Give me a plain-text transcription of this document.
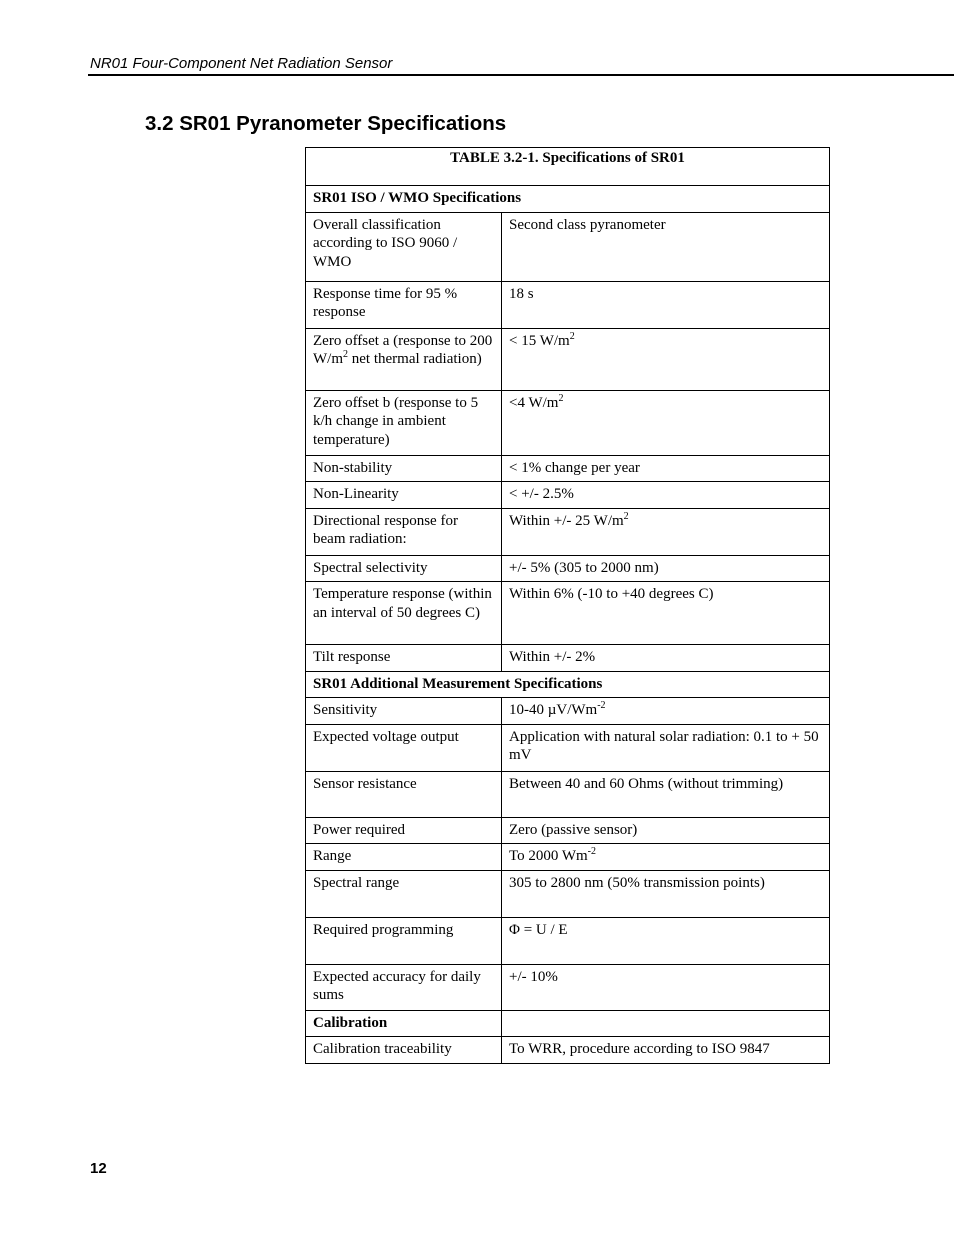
NR01 Four-Component Net Radiation Sensor
3.2 SR01 Pyranometer Specifications
TABLE 3.2-1. Specifications of SR01	
SR01 ISO / WMO Specifications	
Overall classification according to ISO 9060 / WMO	Second class pyranometer
Response time for 95 % response	18 s
Zero offset a (response to 200 $W/m^2$ net thermal radiation)	< 15 $W/m^2$
Zero offset b (response to 5 k/h change in ambient temperature)	<4 $W/m^2$
Non-stability	< 1% change per year
Non-Linearity	< +/- 2.5%
Directional response for beam radiation:	Within +/- 25 $W/m^2$
Spectral selectivity	+/- 5% (305 to 2000 nm)
Temperature response (within an interval of 50 degrees C)	Within 6% (-10 to +40 degrees C)
Tilt response	Within +/- 2%
SR01 Additional Measurement Specifications	
Sensitivity	10-40 $\mu V/Wm^{-2}$
Expected voltage output	Application with natural solar radiation: 0.1 to + 50 mV
Sensor resistance	Between 40 and 60 Ohms (without trimming)
Power required	Zero (passive sensor)
Range	To 2000 $Wm^{-2}$
Spectral range	305 to 2800 nm (50% transmission points)
Required programming	Φ = U / E
Expected accuracy for daily sums	+/- 10%
Calibration	
Calibration traceability	To WRR, procedure according to ISO 9847
12
